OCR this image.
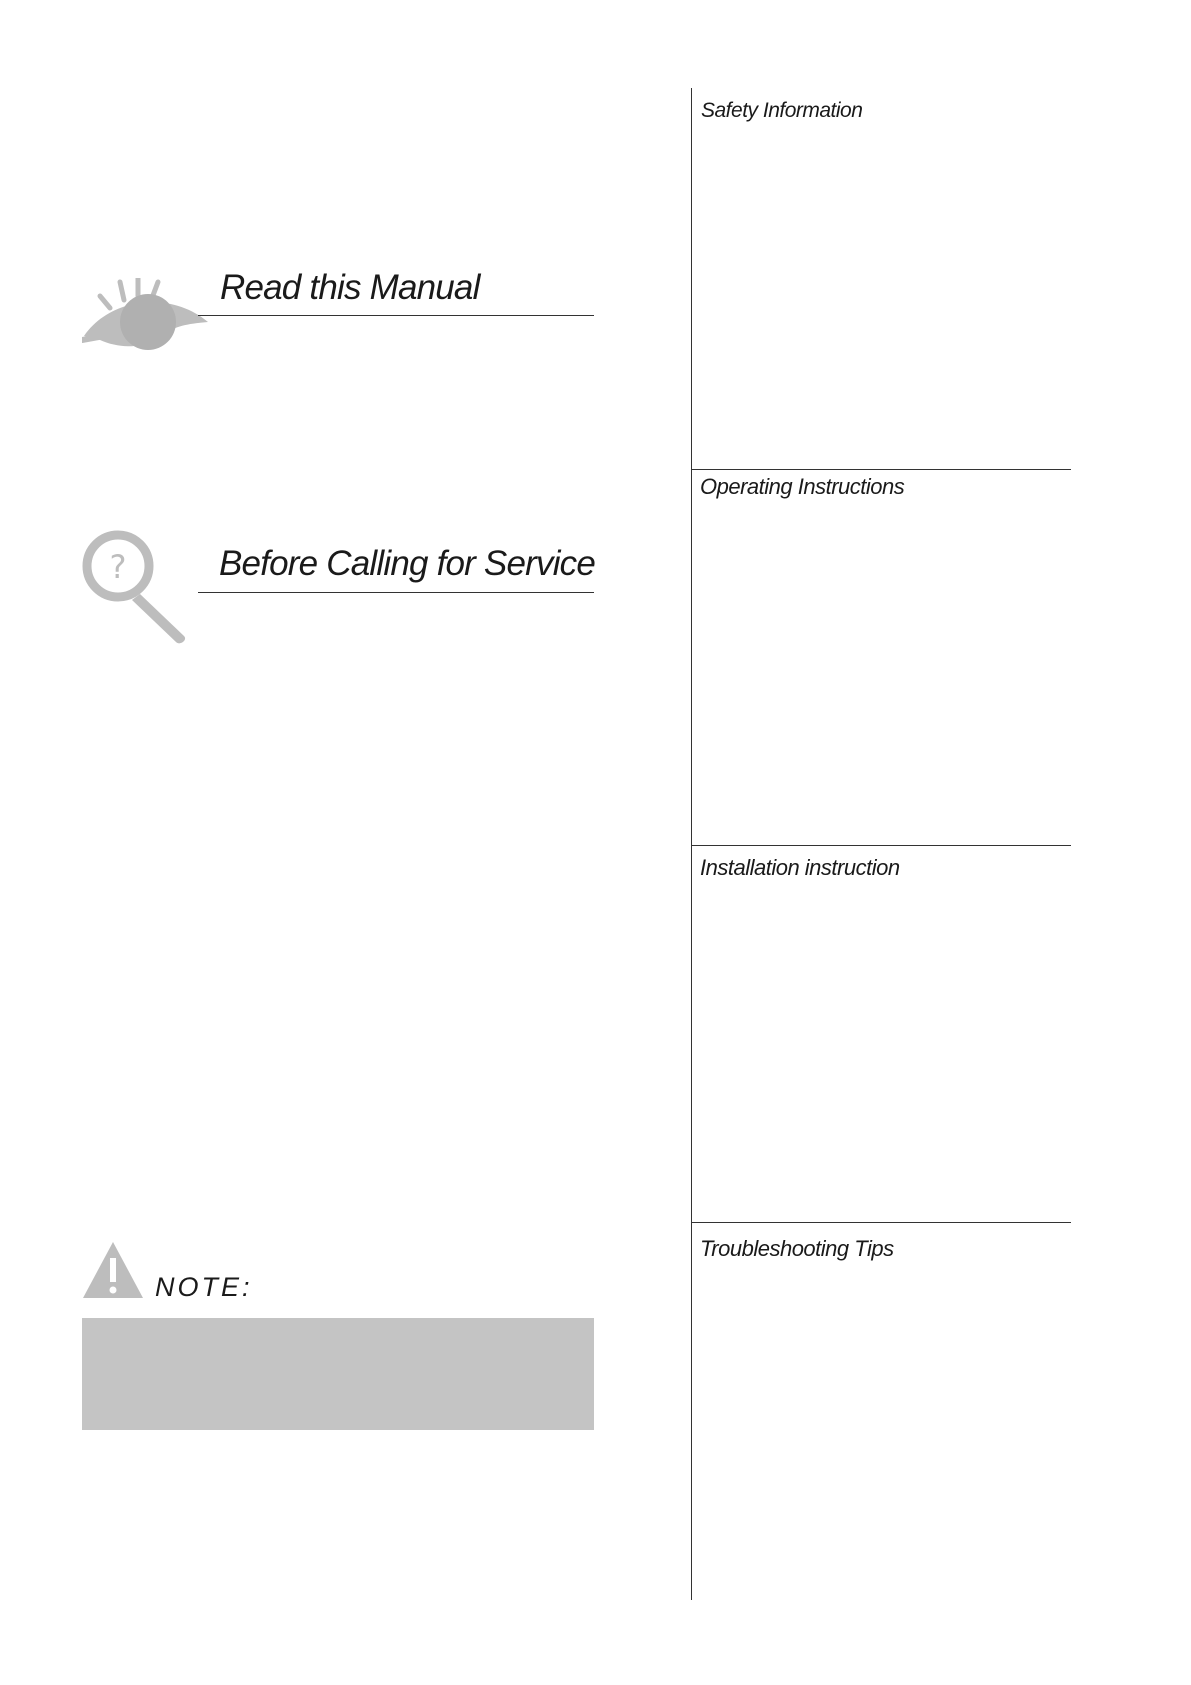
Read this Manual
?	Before Calling for Service
NOTE:
Safety Information
Operating Instructions
Installation instruction
Troubleshooting Tips
